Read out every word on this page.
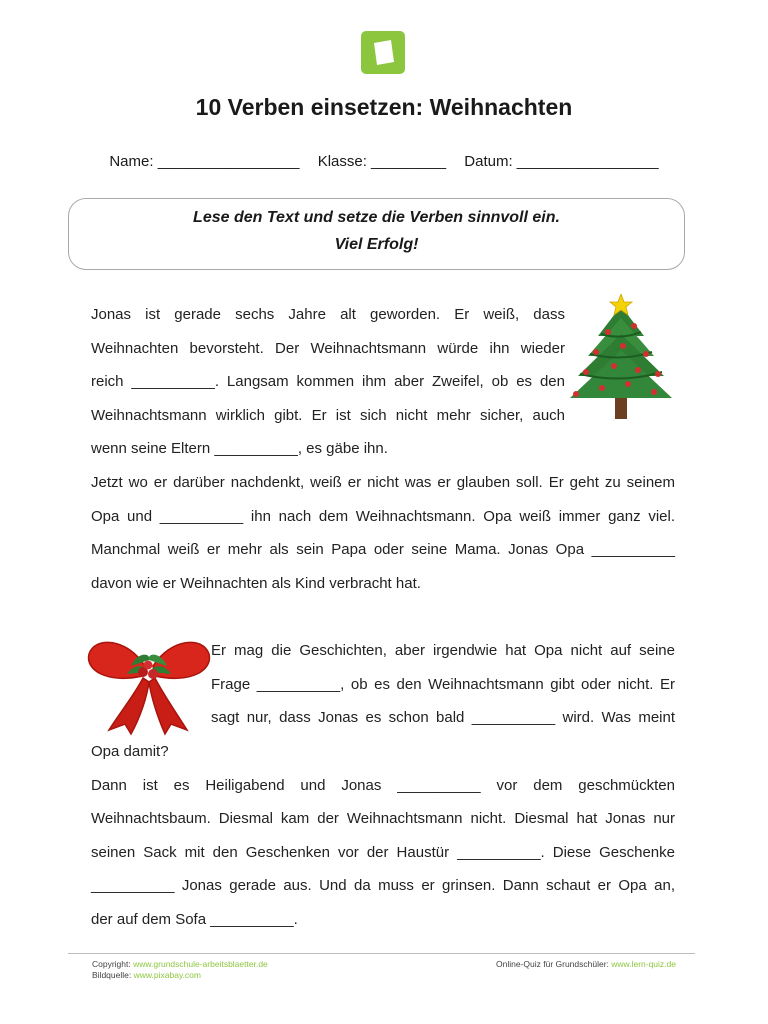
10 Verben einsetzen: Weihnachten
Name: _________________ Klasse: _________ Datum: _________________
Lese den Text und setze die Verben sinnvoll ein.
Viel Erfolg!
Jonas ist gerade sechs Jahre alt geworden. Er weiß, dass
Weihnachten bevorsteht. Der Weihnachtsmann würde ihn wieder
reich __________. Langsam kommen ihm aber Zweifel, ob es den
Weihnachtsmann wirklich gibt. Er ist sich nicht mehr sicher, auch
wenn seine Eltern __________, es gäbe ihn.
Jetzt wo er darüber nachdenkt, weiß er nicht was er glauben soll. Er geht zu seinem
Opa und __________ ihn nach dem Weihnachtsmann. Opa weiß immer ganz viel.
Manchmal weiß er mehr als sein Papa oder seine Mama. Jonas Opa __________
davon wie er Weihnachten als Kind verbracht hat.
Er mag die Geschichten, aber irgendwie hat Opa nicht auf seine
Frage __________, ob es den Weihnachtsmann gibt oder nicht. Er
sagt nur, dass Jonas es schon bald __________ wird. Was meint
Opa damit?
Dann ist es Heiligabend und Jonas __________ vor dem geschmückten
Weihnachtsbaum. Diesmal kam der Weihnachtsmann nicht. Diesmal hat Jonas nur
seinen Sack mit den Geschenken vor der Haustür __________. Diese Geschenke
__________ Jonas gerade aus. Und da muss er grinsen. Dann schaut er Opa an,
der auf dem Sofa __________.
Copyright: www.grundschule-arbeitsblaetter.de
Bildquelle: www.pixabay.com
Online-Quiz für Grundschüler: www.lern-quiz.de
